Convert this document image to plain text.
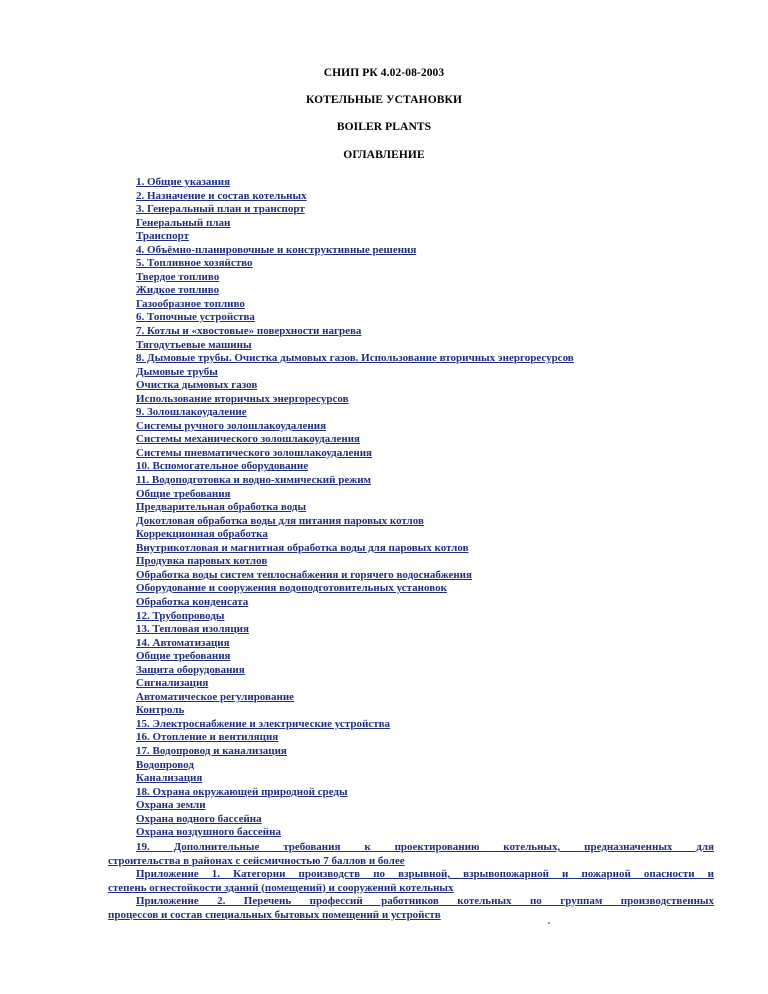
СНИП РК 4.02-08-2003
КОТЕЛЬНЫЕ УСТАНОВКИ
BOILER PLANTS
ОГЛАВЛЕНИЕ
1. Общие указания
2. Назначение и состав котельных
3. Генеральный план и транспорт
Генеральный план
Транспорт
4. Объёмно-планировочные и конструктивные решения
5. Топливное хозяйство
Твердое топливо
Жидкое топливо
Газообразное топливо
6. Топочные устройства
7. Котлы и «хвостовые» поверхности нагрева
Тягодутьевые машины
8. Дымовые трубы. Очистка дымовых газов. Использование вторичных энергоресурсов
Дымовые трубы
Очистка дымовых газов
Использование вторичных энергоресурсов
9. Золошлакоудаление
Системы ручного золошлакоудаления
Системы механического золошлакоудаления
Системы пневматического золошлакоудаления
10. Вспомогательное оборудование
11. Водоподготовка и водно-химический режим
Общие требования
Предварительная обработка воды
Докотловая обработка воды для питания паровых котлов
Коррекционная обработка
Внутрикотловая и магнитная обработка воды для паровых котлов
Продувка паровых котлов
Обработка воды систем теплоснабжения и горячего водоснабжения
Оборудование и сооружения водоподготовительных установок
Обработка конденсата
12. Трубопроводы
13. Тепловая изоляция
14. Автоматизация
Общие требования
Защита оборудования
Сигнализация
Автоматическое регулирование
Контроль
15. Электроснабжение и электрические устройства
16. Отопление и вентиляция
17. Водопровод и канализация
Водопровод
Канализация
18. Охрана окружающей природной среды
Охрана земли
Охрана водного бассейна
Охрана воздушного бассейна
19. Дополнительные требования к проектированию котельных, предназначенных для
строительства в районах с сейсмичностью 7 баллов и более
Приложение 1. Категории производств по взрывной, взрывопожарной и пожарной опасности и
степень огнестойкости зданий (помещений) и сооружений котельных
Приложение 2. Перечень профессий работников котельных по группам производственных
процессов и состав специальных бытовых помещений и устройств
